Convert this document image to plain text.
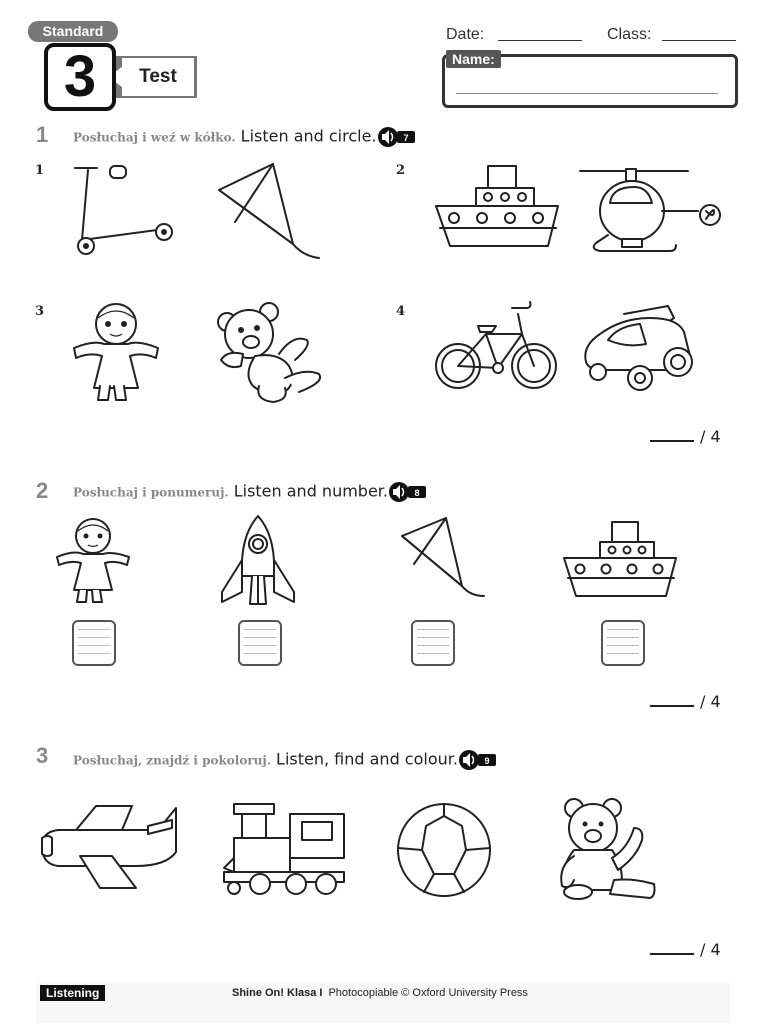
Standard
Test
3
Date:	Class:
Name:
1 Posłuchaj i weź w kółko. Listen and circle.	7
1	2
3	4
/ 4
2 Posłuchaj i ponumeruj. Listen and number.	8
/ 4
3 Posłuchaj, znajdź i pokoloruj. Listen, find and colour.	9
/ 4
Listening	Shine On! Klasa I Photocopiable © Oxford University Press
